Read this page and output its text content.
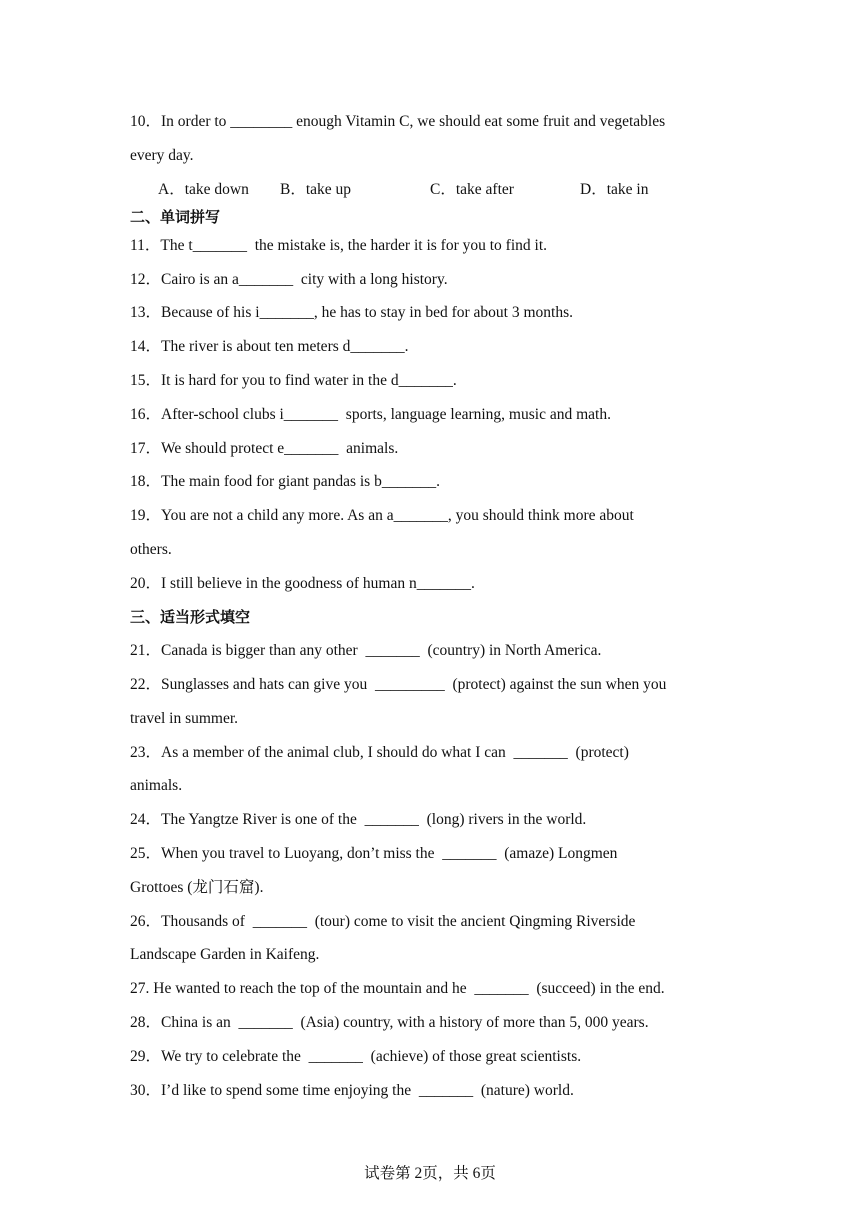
10．In order to ________ enough Vitamin C, we should eat some fruit and vegetables
every day.
A．take down B．take up	C．take after	D．take in
二、单词拼写
11．The t_______  the mistake is, the harder it is for you to find it.
12．Cairo is an a_______  city with a long history.
13．Because of his i_______, he has to stay in bed for about 3 months.
14．The river is about ten meters d_______.
15．It is hard for you to find water in the d_______.
16．After-school clubs i_______  sports, language learning, music and math.
17．We should protect e_______  animals.
18．The main food for giant pandas is b_______.
19．You are not a child any more. As an a_______, you should think more about
others.
20．I still believe in the goodness of human n_______.
三、适当形式填空
21．Canada is bigger than any other  _______  (country) in North America.
22．Sunglasses and hats can give you  _________  (protect) against the sun when you
travel in summer.
23．As a member of the animal club, I should do what I can  _______  (protect)
animals.
24．The Yangtze River is one of the  _______  (long) rivers in the world.
25．When you travel to Luoyang, don’t miss the  _______  (amaze) Longmen
Grottoes (龙门石窟).
26．Thousands of  _______  (tour) come to visit the ancient Qingming Riverside
Landscape Garden in Kaifeng.
27. He wanted to reach the top of the mountain and he  _______  (succeed) in the end.
28．China is an  _______  (Asia) country, with a history of more than 5, 000 years.
29．We try to celebrate the  _______  (achieve) of those great scientists.
30．I’d like to spend some time enjoying the  _______  (nature) world.
试卷第 2页，共 6页
